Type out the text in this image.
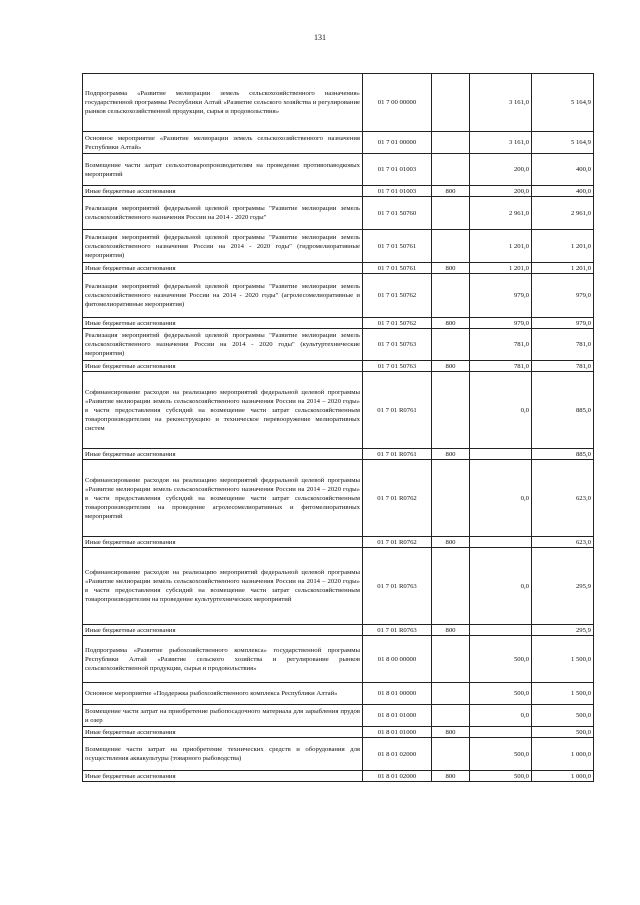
131
Подпрограмма «Развитие мелиорации земель сельскохозяйственного назначения» государственной программы Республики Алтай «Развитие сельского хозяйства и регулирование рынков сельскохозяйственной продукции, сырья и продовольствия»	01 7 00 00000		3 161,0	5 164,9
Основное мероприятие «Развитие мелиорации земель сельскохозяйственного назначения Республики Алтай»	01 7 01 00000		3 161,0	5 164,9
Возмещение части затрат сельхозтоваропроизводителям на проведение противопаводковых мероприятий	01 7 01 01003		200,0	400,0
Иные бюджетные ассигнования	01 7 01 01003	800	200,0	400,0
Реализация мероприятий федеральной целевой программы "Развитие мелиорации земель сельскохозяйственного назначения России на 2014 - 2020 годы"	01 7 01 50760		2 961,0	2 961,0
Реализация мероприятий федеральной целевой программы "Развитие мелиорации земель сельскохозяйственного назначения России на 2014 - 2020 годы" (гидромелиоративные мероприятия)	01 7 01 50761		1 201,0	1 201,0
Иные бюджетные ассигнования	01 7 01 50761	800	1 201,0	1 201,0
Реализация мероприятий федеральной целевой программы "Развитие мелиорации земель сельскохозяйственного назначения России на 2014 - 2020 годы" (агролесомелиоративные и фитомелиоративные мероприятия)	01 7 01 50762		979,0	979,0
Иные бюджетные ассигнования	01 7 01 50762	800	979,0	979,0
Реализация мероприятий федеральной целевой программы "Развитие мелиорации земель сельскохозяйственного назначения России на 2014 - 2020 годы" (культуртехнические мероприятия)	01 7 01 50763		781,0	781,0
Иные бюджетные ассигнования	01 7 01 50763	800	781,0	781,0
Софинансирование расходов на реализацию мероприятий федеральной целевой программы «Развитие мелиорации земель сельскохозяйственного назначения России на 2014 – 2020 годы» в части предоставления субсидий на возмещение части затрат сельскохозяйственным товаропроизводителям на реконструкцию и техническое перевооружение мелиоративных систем	01 7 01 R0761		0,0	885,0
Иные бюджетные ассигнования	01 7 01 R0761	800		885,0
Софинансирование расходов на реализацию мероприятий федеральной целевой программы «Развитие мелиорации земель сельскохозяйственного назначения России на 2014 – 2020 годы» в части предоставления субсидий на возмещение части затрат сельскохозяйственным товаропроизводителям на проведение агролесомелиоративных и фитомелиоративных мероприятий	01 7 01 R0762		0,0	623,0
Иные бюджетные ассигнования	01 7 01 R0762	800		623,0
Софинансирование расходов на реализацию мероприятий федеральной целевой программы «Развитие мелиорации земель сельскохозяйственного назначения России на 2014 – 2020 годы» в части предоставления субсидий на возмещение части затрат сельскохозяйственным товаропроизводителям на проведение культуртехнических мероприятий	01 7 01 R0763		0,0	295,9
Иные бюджетные ассигнования	01 7 01 R0763	800		295,9
Подпрограмма «Развитие рыбохозяйственного комплекса» государственной программы Республики Алтай «Развитие сельского хозяйства и регулирование рынков сельскохозяйственной продукции, сырья и продовольствия»	01 8 00 00000		500,0	1 500,0
Основное мероприятие «Поддержка рыбохозяйственного комплекса Республики Алтай»	01 8 01 00000		500,0	1 500,0
Возмещение части затрат на приобретение рыбопосадочного материала для зарыбления прудов и озер	01 8 01 01000		0,0	500,0
Иные бюджетные ассигнования	01 8 01 01000	800		500,0
Возмещение части затрат на приобретение технических средств и оборудования для осуществления аквакультуры (товарного рыбоводства)	01 8 01 02000		500,0	1 000,0
Иные бюджетные ассигнования	01 8 01 02000	800	500,0	1 000,0
